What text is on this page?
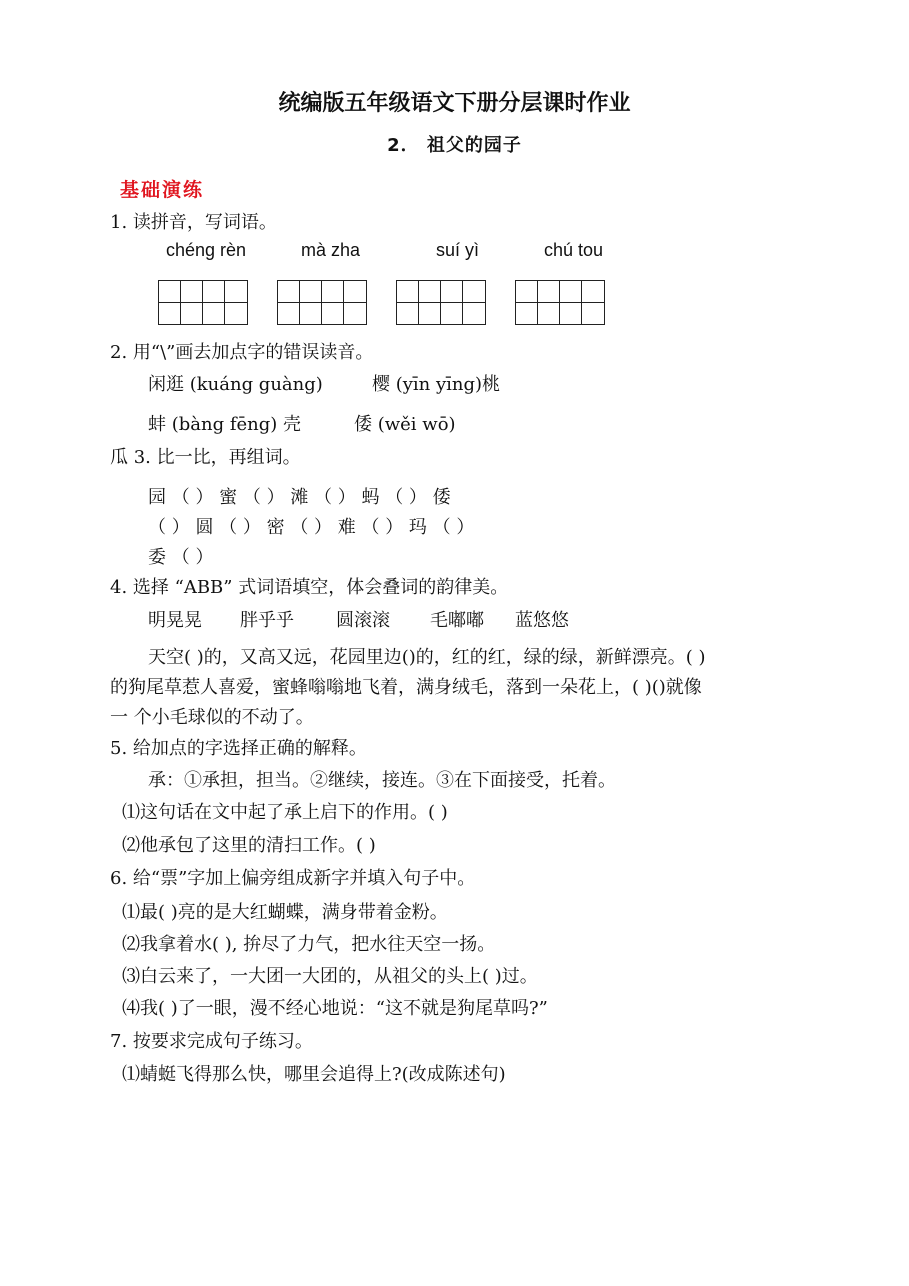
统编版五年级语文下册分层课时作业
2． 祖父的园子
基础演练
1. 读拼音，写词语。
chéng rèn	mà zha	suí yì	chú tou
2. 用“\”画去加点字的错误读音。
闲逛 (kuáng guàng)	樱 (yīn yīng)桃
蚌 (bàng fēng) 壳	倭 (wěi wō)
瓜 3. 比一比，再组词。
园 （ ） 蜜 （ ） 滩 （ ） 蚂 （ ） 倭
（ ） 圆 （ ） 密 （ ） 难 （ ） 玛 （ ）
委 （ ）
4. 选择 “ABB” 式词语填空，体会叠词的韵律美。
明晃晃 胖乎乎 圆滚滚 毛嘟嘟 蓝悠悠
天空( )的，又高又远，花园里边()的，红的红，绿的绿，新鲜漂亮。( )
的狗尾草惹人喜爱，蜜蜂嗡嗡地飞着，满身绒毛，落到一朵花上，( )()就像
一 个小毛球似的不动了。
5. 给加点的字选择正确的解释。
承：①承担，担当。②继续，接连。③在下面接受，托着。
⑴这句话在文中起了承上启下的作用。( )
⑵他承包了这里的清扫工作。( )
6. 给“票”字加上偏旁组成新字并填入句子中。
⑴最( )亮的是大红蝴蝶，满身带着金粉。
⑵我拿着水( ), 拚尽了力气，把水往天空一扬。
⑶白云来了，一大团一大团的，从祖父的头上( )过。
⑷我( )了一眼，漫不经心地说：“这不就是狗尾草吗?”
7. 按要求完成句子练习。
⑴蜻蜓飞得那么快，哪里会追得上?(改成陈述句)
